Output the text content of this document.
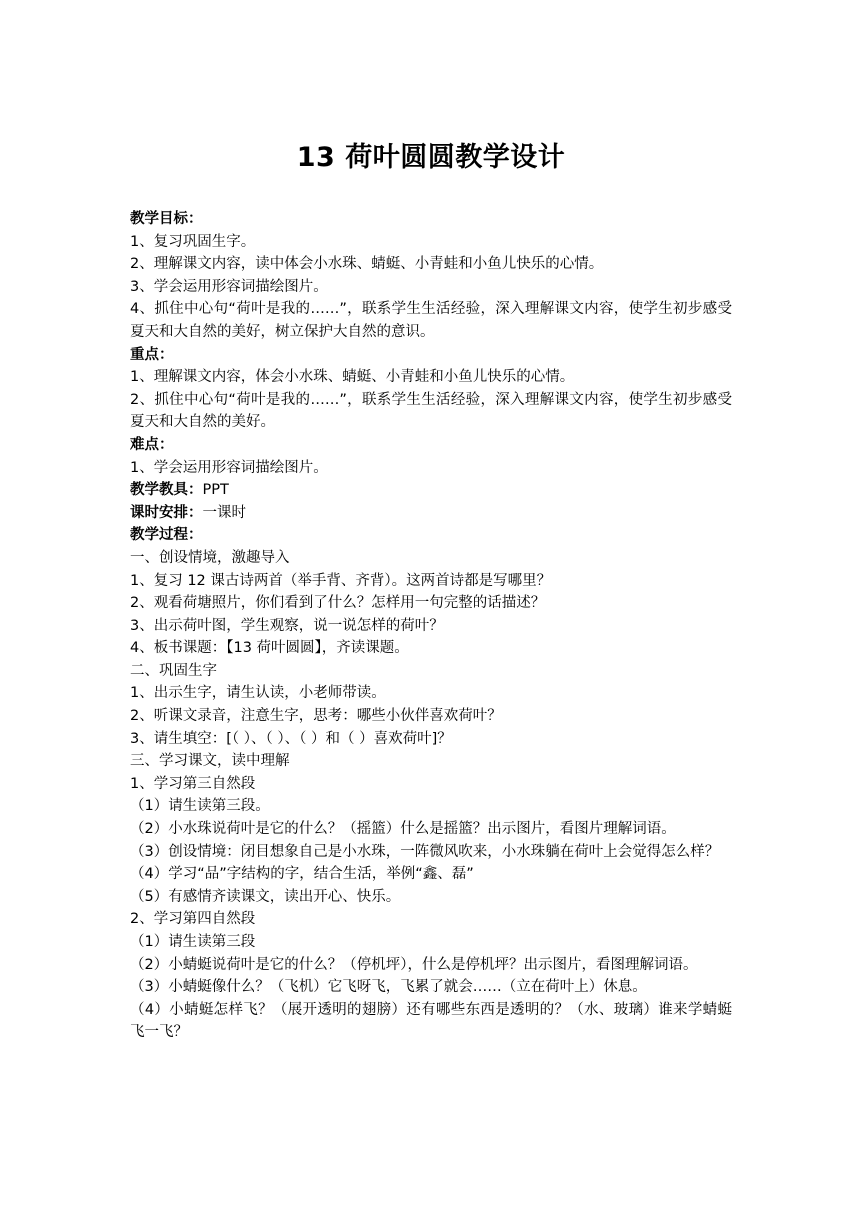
13 荷叶圆圆教学设计
教学目标：
1、复习巩固生字。
2、理解课文内容，读中体会小水珠、蜻蜓、小青蛙和小鱼儿快乐的心情。
3、学会运用形容词描绘图片。
4、抓住中心句“荷叶是我的……”，联系学生生活经验，深入理解课文内容，使学生初步感受夏天和大自然的美好，树立保护大自然的意识。
重点：
1、理解课文内容，体会小水珠、蜻蜓、小青蛙和小鱼儿快乐的心情。
2、抓住中心句“荷叶是我的……”，联系学生生活经验，深入理解课文内容，使学生初步感受夏天和大自然的美好。
难点：
1、学会运用形容词描绘图片。
教学教具：PPT
课时安排：一课时
教学过程：
一、创设情境，激趣导入
1、复习 12 课古诗两首（举手背、齐背）。这两首诗都是写哪里？
2、观看荷塘照片，你们看到了什么？怎样用一句完整的话描述？
3、出示荷叶图，学生观察，说一说怎样的荷叶？
4、板书课题：【13 荷叶圆圆】，齐读课题。
二、巩固生字
1、出示生字，请生认读，小老师带读。
2、听课文录音，注意生字，思考：哪些小伙伴喜欢荷叶？
3、请生填空：[（ ）、（ ）、（ ）和（ ）喜欢荷叶]？
三、学习课文，读中理解
1、学习第三自然段
（1）请生读第三段。
（2）小水珠说荷叶是它的什么？（摇篮）什么是摇篮？出示图片，看图片理解词语。
（3）创设情境：闭目想象自己是小水珠，一阵微风吹来，小水珠躺在荷叶上会觉得怎么样？
（4）学习“品”字结构的字，结合生活，举例“鑫、磊”
（5）有感情齐读课文，读出开心、快乐。
2、学习第四自然段
（1）请生读第三段
（2）小蜻蜓说荷叶是它的什么？（停机坪），什么是停机坪？出示图片，看图理解词语。
（3）小蜻蜓像什么？（飞机）它飞呀飞，飞累了就会……（立在荷叶上）休息。
（4）小蜻蜓怎样飞？（展开透明的翅膀）还有哪些东西是透明的？（水、玻璃）谁来学蜻蜓飞一飞？
